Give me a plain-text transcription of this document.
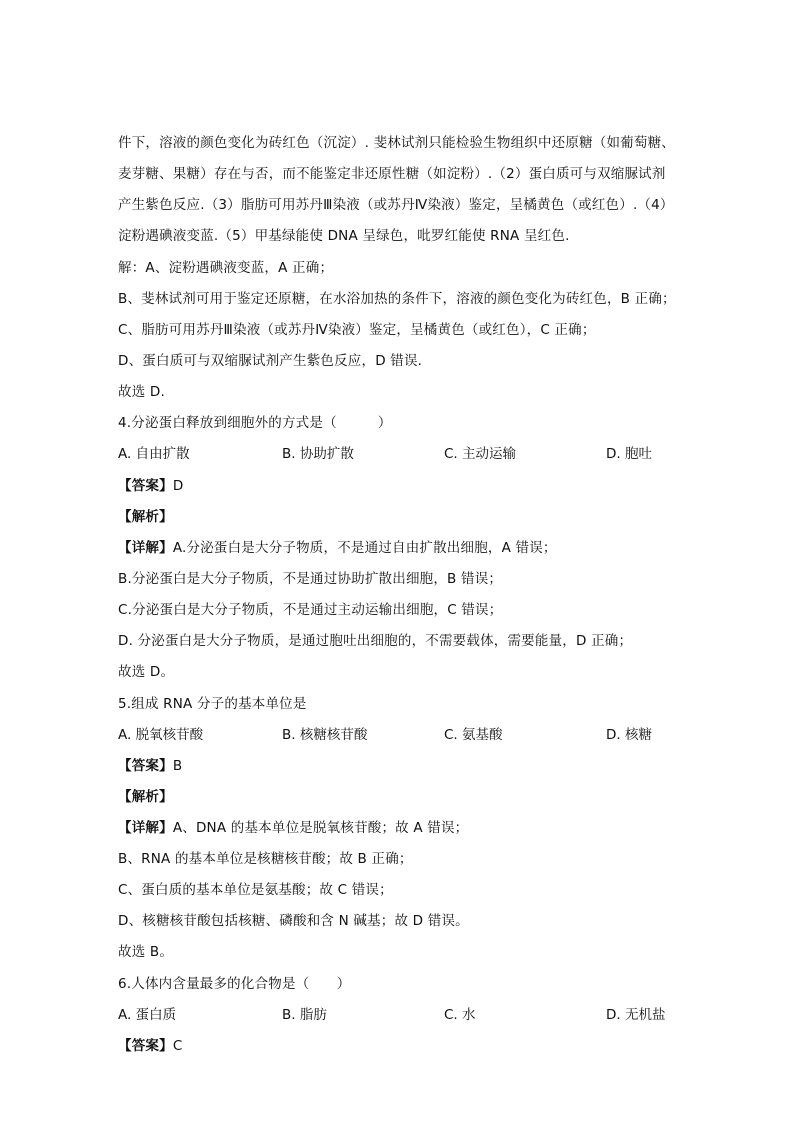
件下，溶液的颜色变化为砖红色（沉淀）. 斐林试剂只能检验生物组织中还原糖（如葡萄糖、
麦芽糖、果糖）存在与否，而不能鉴定非还原性糖（如淀粉）.（2）蛋白质可与双缩脲试剂
产生紫色反应.（3）脂肪可用苏丹Ⅲ染液（或苏丹Ⅳ染液）鉴定，呈橘黄色（或红色）.（4）
淀粉遇碘液变蓝.（5）甲基绿能使 DNA 呈绿色，吡罗红能使 RNA 呈红色.
解：A、淀粉遇碘液变蓝，A 正确；
B、斐林试剂可用于鉴定还原糖，在水浴加热的条件下，溶液的颜色变化为砖红色，B 正确；
C、脂肪可用苏丹Ⅲ染液（或苏丹Ⅳ染液）鉴定，呈橘黄色（或红色），C 正确；
D、蛋白质可与双缩脲试剂产生紫色反应，D 错误.
故选 D.
4.分泌蛋白释放到细胞外的方式是（　　　）
A. 自由扩散	B. 协助扩散	C. 主动运输	D. 胞吐
【答案】D
【解析】
【详解】A.分泌蛋白是大分子物质，不是通过自由扩散出细胞，A 错误；
B.分泌蛋白是大分子物质，不是通过协助扩散出细胞，B 错误；
C.分泌蛋白是大分子物质，不是通过主动运输出细胞，C 错误；
D. 分泌蛋白是大分子物质，是通过胞吐出细胞的，不需要载体，需要能量，D 正确；
故选 D。
5.组成 RNA 分子的基本单位是
A. 脱氧核苷酸	B. 核糖核苷酸	C. 氨基酸	D. 核糖
【答案】B
【解析】
【详解】A、DNA 的基本单位是脱氧核苷酸；故 A 错误；
B、RNA 的基本单位是核糖核苷酸；故 B 正确；
C、蛋白质的基本单位是氨基酸；故 C 错误；
D、核糖核苷酸包括核糖、磷酸和含 N 碱基；故 D 错误。
故选 B。
6.人体内含量最多的化合物是（　　）
A. 蛋白质	B. 脂肪	C. 水	D. 无机盐
【答案】C
